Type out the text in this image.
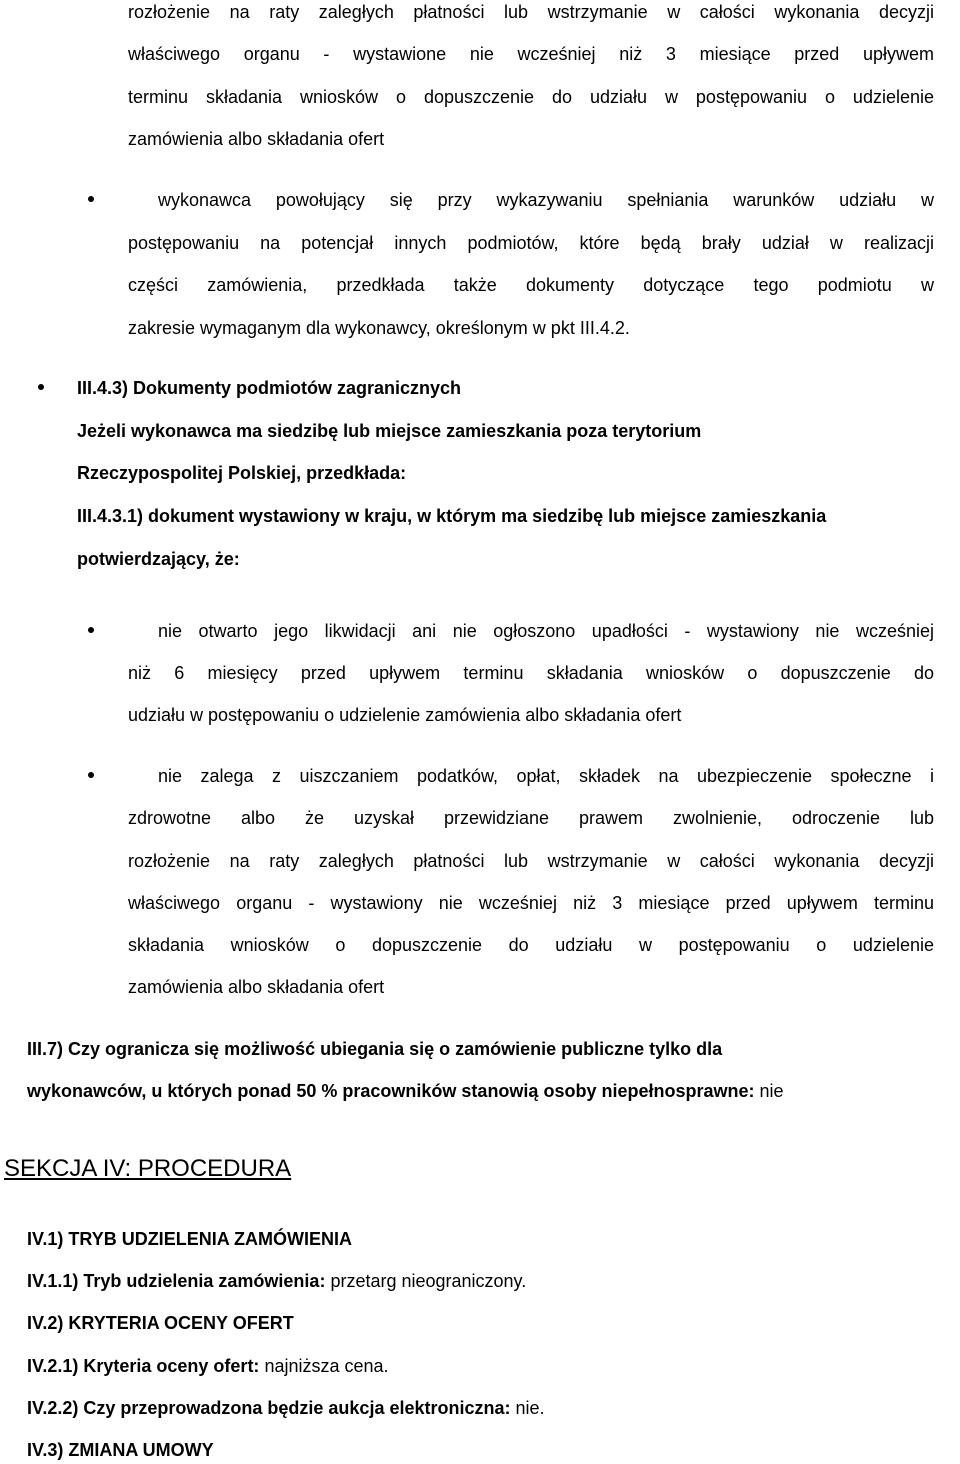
rozłożenie na raty zaległych płatności lub wstrzymanie w całości wykonania decyzji
właściwego organu - wystawione nie wcześniej niż 3 miesiące przed upływem
terminu składania wniosków o dopuszczenie do udziału w postępowaniu o udzielenie
zamówienia albo składania ofert
wykonawca powołujący się przy wykazywaniu spełniania warunków udziału w
postępowaniu na potencjał innych podmiotów, które będą brały udział w realizacji
części zamówienia, przedkłada także dokumenty dotyczące tego podmiotu w
zakresie wymaganym dla wykonawcy, określonym w pkt III.4.2.
III.4.3) Dokumenty podmiotów zagranicznych
Jeżeli wykonawca ma siedzibę lub miejsce zamieszkania poza terytorium
Rzeczypospolitej Polskiej, przedkłada:
III.4.3.1) dokument wystawiony w kraju, w którym ma siedzibę lub miejsce zamieszkania
potwierdzający, że:
nie otwarto jego likwidacji ani nie ogłoszono upadłości - wystawiony nie wcześniej
niż 6 miesięcy przed upływem terminu składania wniosków o dopuszczenie do
udziału w postępowaniu o udzielenie zamówienia albo składania ofert
nie zalega z uiszczaniem podatków, opłat, składek na ubezpieczenie społeczne i
zdrowotne albo że uzyskał przewidziane prawem zwolnienie, odroczenie lub
rozłożenie na raty zaległych płatności lub wstrzymanie w całości wykonania decyzji
właściwego organu - wystawiony nie wcześniej niż 3 miesiące przed upływem terminu
składania wniosków o dopuszczenie do udziału w postępowaniu o udzielenie
zamówienia albo składania ofert
III.7) Czy ogranicza się możliwość ubiegania się o zamówienie publiczne tylko dla
wykonawców, u których ponad 50 % pracowników stanowią osoby niepełnosprawne: nie
SEKCJA IV: PROCEDURA
IV.1) TRYB UDZIELENIA ZAMÓWIENIA
IV.1.1) Tryb udzielenia zamówienia: przetarg nieograniczony.
IV.2) KRYTERIA OCENY OFERT
IV.2.1) Kryteria oceny ofert: najniższa cena.
IV.2.2) Czy przeprowadzona będzie aukcja elektroniczna: nie.
IV.3) ZMIANA UMOWY
